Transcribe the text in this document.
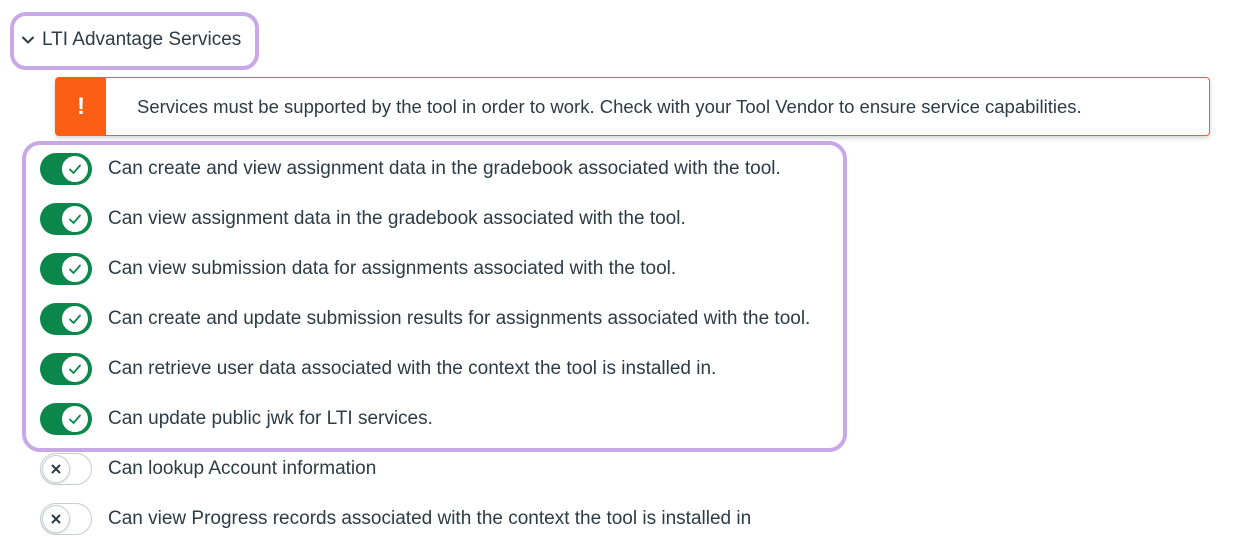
LTI Advantage Services
!	Services must be supported by the tool in order to work. Check with your Tool Vendor to ensure service capabilities.
Can create and view assignment data in the gradebook associated with the tool.
Can view assignment data in the gradebook associated with the tool.
Can view submission data for assignments associated with the tool.
Can create and update submission results for assignments associated with the tool.
Can retrieve user data associated with the context the tool is installed in.
Can update public jwk for LTI services.
Can lookup Account information
Can view Progress records associated with the context the tool is installed in
